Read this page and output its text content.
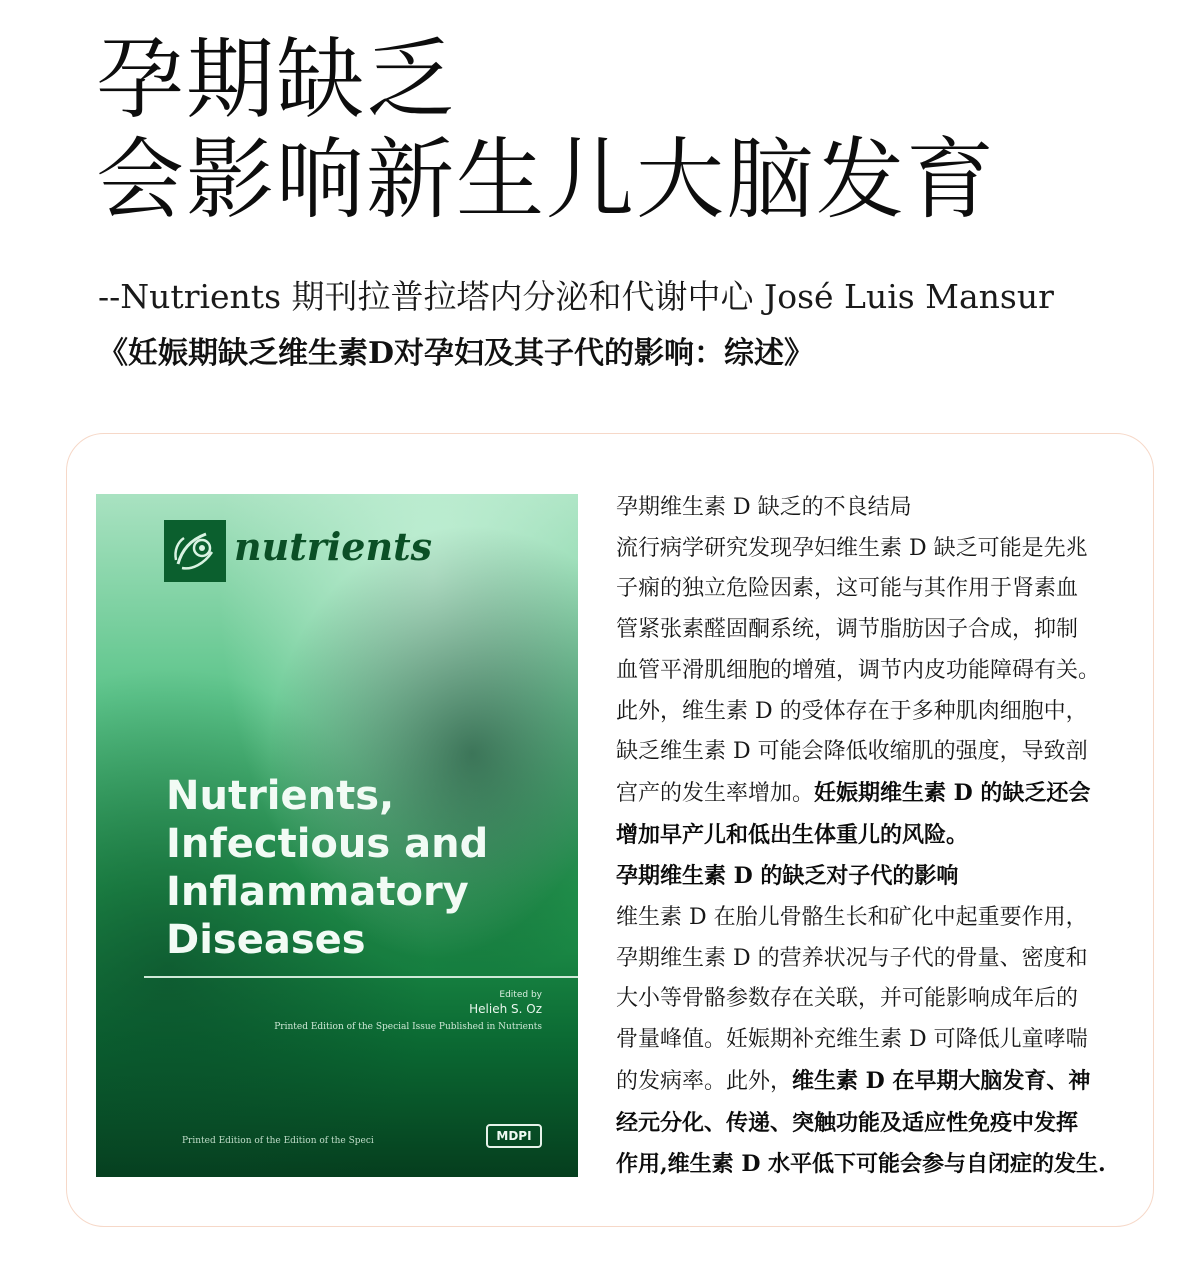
孕期缺乏
会影响新生儿大脑发育
--Nutrients 期刊拉普拉塔内分泌和代谢中心 José Luis Mansur
《妊娠期缺乏维生素D对孕妇及其子代的影响：综述》
nutrients
Nutrients,
Infectious and
Inflammatory
Diseases
Edited by
Helieh S. Oz
Printed Edition of the Special Issue Published in Nutrients
Printed Edition of the Edition of the Speci	MDPI
孕期维生素 D 缺乏的不良结局
流行病学研究发现孕妇维生素 D 缺乏可能是先兆
子痫的独立危险因素，这可能与其作用于肾素血
管紧张素醛固酮系统，调节脂肪因子合成，抑制
血管平滑肌细胞的增殖，调节内皮功能障碍有关。
此外，维生素 D 的受体存在于多种肌肉细胞中，
缺乏维生素 D 可能会降低收缩肌的强度，导致剖
宫产的发生率增加。妊娠期维生素 D 的缺乏还会
增加早产儿和低出生体重儿的风险。
孕期维生素 D 的缺乏对子代的影响
维生素 D 在胎儿骨骼生长和矿化中起重要作用，
孕期维生素 D 的营养状况与子代的骨量、密度和
大小等骨骼参数存在关联，并可能影响成年后的
骨量峰值。妊娠期补充维生素 D 可降低儿童哮喘
的发病率。此外，维生素 D 在早期大脑发育、神
经元分化、传递、突触功能及适应性免疫中发挥
作用,维生素 D 水平低下可能会参与自闭症的发生.
